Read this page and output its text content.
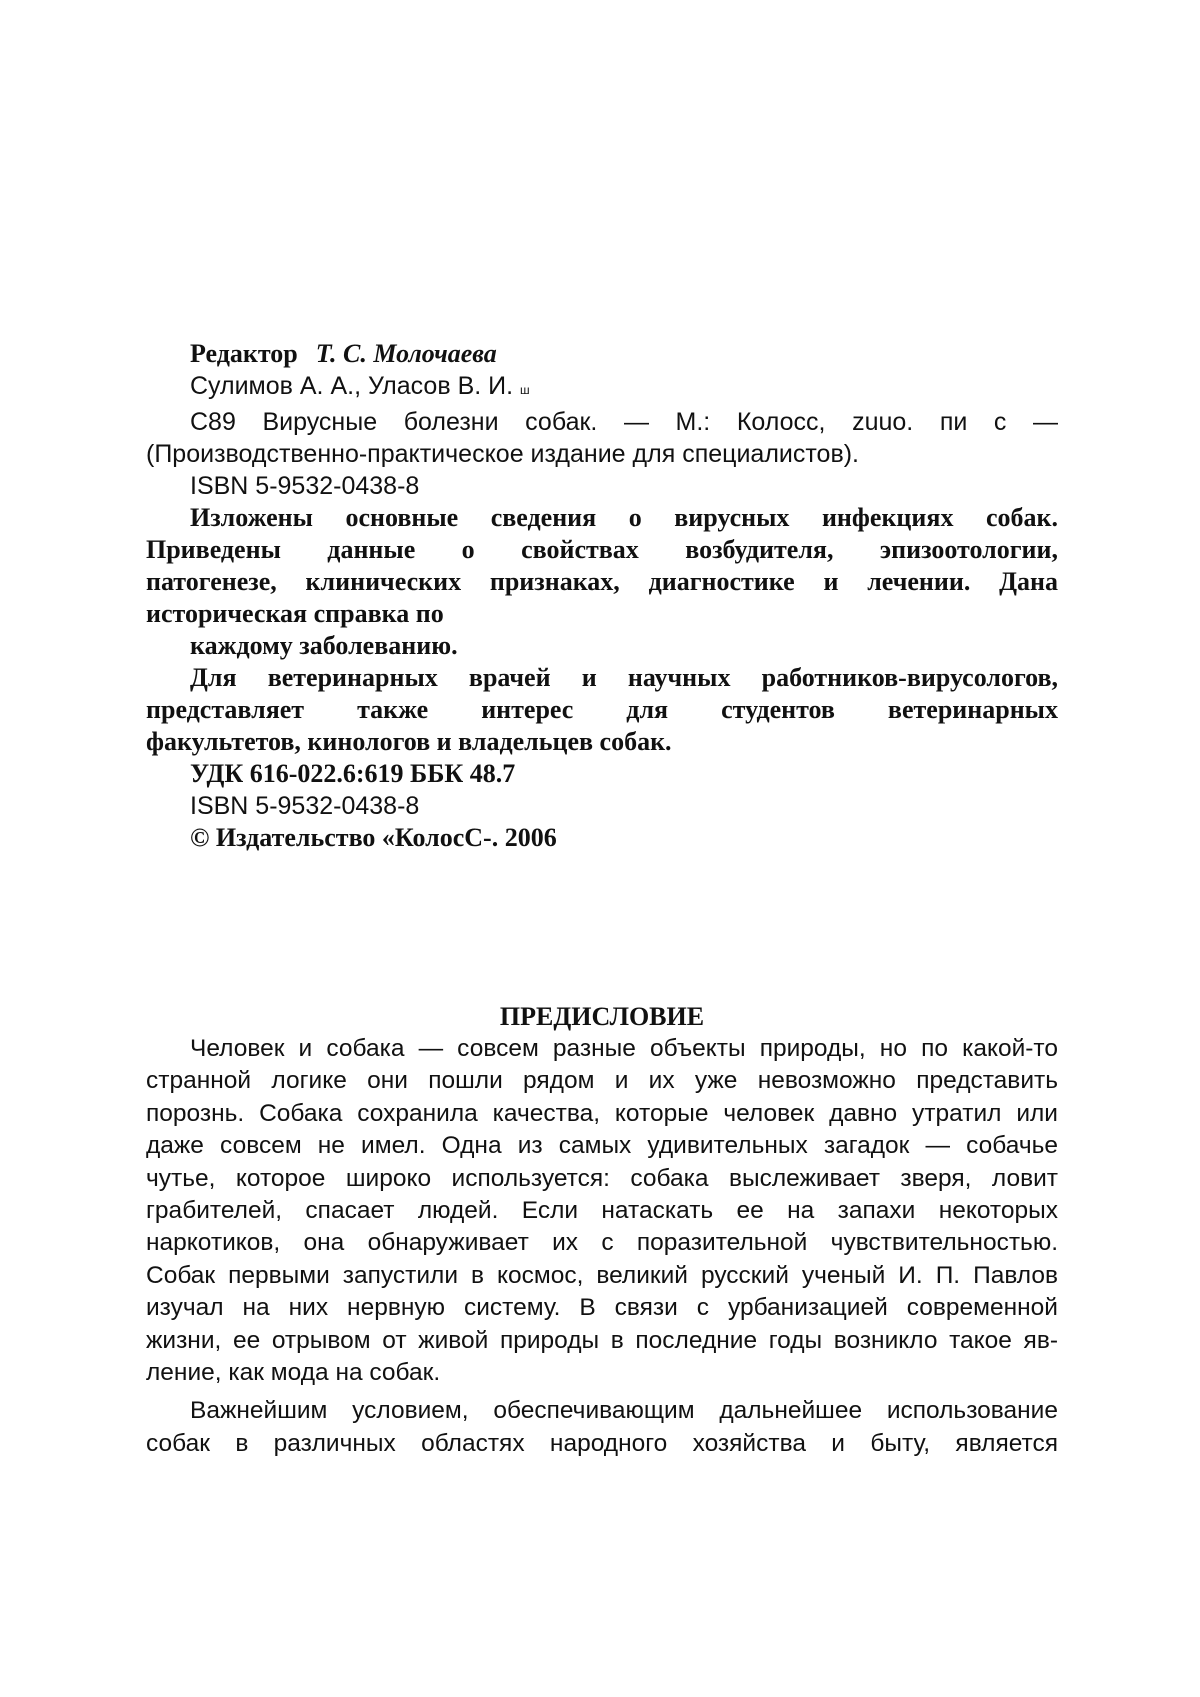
Редактор Т. С. Молочаева
Сулимов А. А., Уласов В. И. ш
С89 Вирусные болезни собак. — М.: Колосс, zuuo. пи с —
(Производственно-практическое издание для специалистов).
ISBN 5-9532-0438-8
Изложены основные сведения о вирусных инфекциях собак.
Приведены данные о свойствах возбудителя, эпизоотологии,
патогенезе, клинических признаках, диагностике и лечении. Дана
историческая справка по
каждому заболеванию.
Для ветеринарных врачей и научных работников-вирусологов,
представляет также интерес для студентов ветеринарных
факультетов, кинологов и владельцев собак.
УДК 616-022.6:619 ББК 48.7
ISBN 5-9532-0438-8
© Издательство «КолосС-. 2006
ПРЕДИСЛОВИЕ
Человек и собака — совсем разные объекты природы, но по какой-то
странной логике они пошли рядом и их уже невозможно представить
порознь. Собака сохранила качества, которые человек давно утратил или
даже совсем не имел. Одна из самых удивительных загадок — собачье
чутье, которое широко используется: собака выслеживает зверя, ловит
грабителей, спасает людей. Если натаскать ее на запахи некоторых
наркотиков, она обнаруживает их с поразительной чувствительностью.
Собак первыми запустили в космос, великий русский ученый И. П. Павлов
изучал на них нервную систему. В связи с урбанизацией современной
жизни, ее отрывом от живой природы в последние годы возникло такое яв-
ление, как мода на собак.
Важнейшим условием, обеспечивающим дальнейшее использование
собак в различных областях народного хозяйства и быту, является
